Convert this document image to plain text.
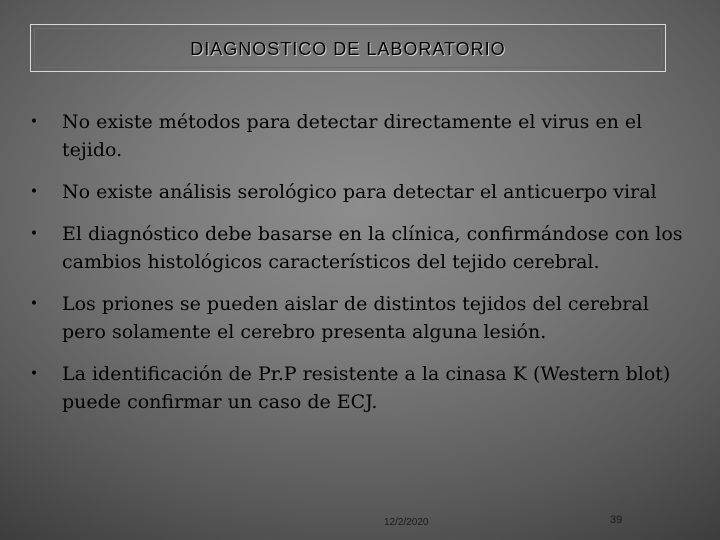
DIAGNOSTICO DE LABORATORIO
• No existe métodos para detectar directamente el virus en el tejido.
• No existe análisis serológico para detectar el anticuerpo viral
• El diagnóstico debe basarse en la clínica, confirmándose con los cambios histológicos característicos del tejido cerebral.
• Los priones se pueden aislar de distintos tejidos del cerebral pero solamente el cerebro presenta alguna lesión.
• La identificación de Pr.P resistente a la cinasa K (Western blot) puede confirmar un caso de ECJ.
12/2/2020	39
